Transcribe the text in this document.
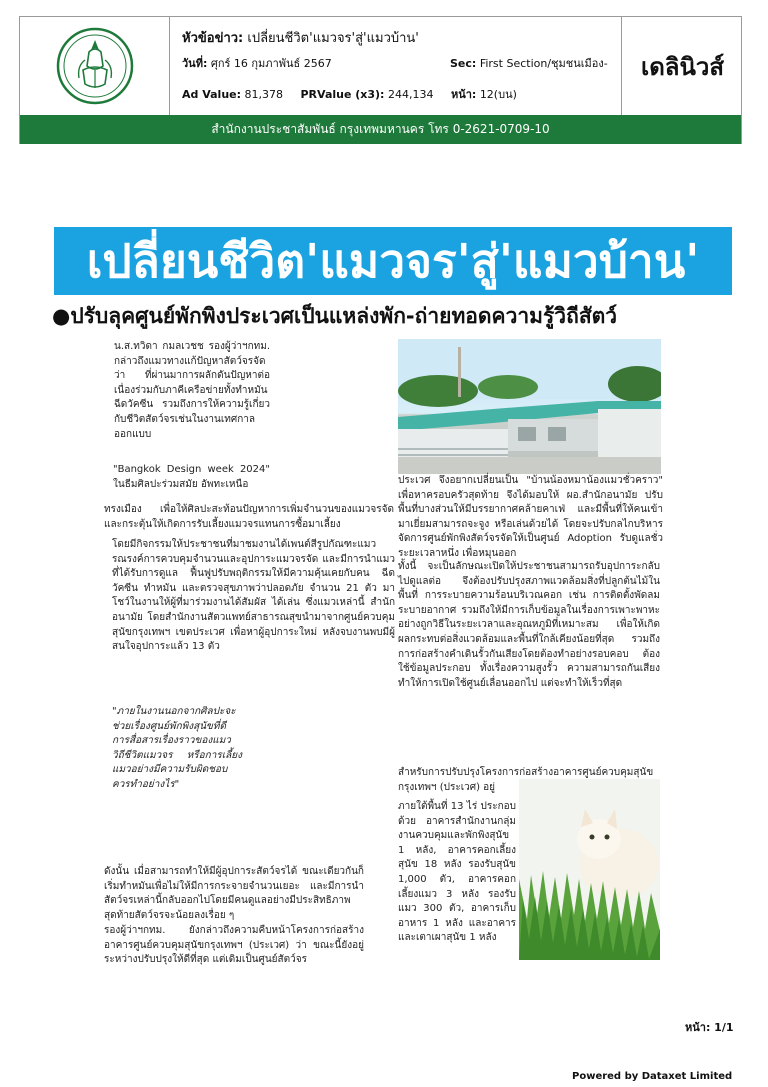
หัวข้อข่าว: เปลี่ยนชีวิต'แมวจร'สู่'แมวบ้าน'
วันที่: ศุกร์ 16 กุมภาพันธ์ 2567	Sec: First Section/ชุมชนเมือง-
Ad Value: 81,378 PRValue (x3): 244,134 หน้า: 12(บน)
เดลินิวส์
สำนักงานประชาสัมพันธ์ กรุงเทพมหานคร โทร 0-2621-0709-10
เปลี่ยนชีวิต'แมวจร'สู่'แมวบ้าน'
●ปรับลุคศูนย์พักพิงประเวศเป็นแหล่งพัก-ถ่ายทอดความรู้วิถีสัตว์
น.ส.ทวิดา กมลเวชช รองผู้ว่าฯกทม. กล่าวถึงแมวทางแก้ปัญหาสัตว์จรจัดว่า ที่ผ่านมาการผลักดันปัญหาต่อเนื่องร่วมกับภาคีเครือข่ายทั้งทำหมัน ฉีดวัคซีน รวมถึงการให้ความรู้เกี่ยวกับชีวิตสัตว์จรเช่นในงานเทศกาลออกแบบ
"Bangkok Design week 2024" ในธีมศิลปะร่วมสมัย อัพทะเหนือ
ทรงเมือง เพื่อให้ศิลปะสะท้อนปัญหาการเพิ่มจำนวนของแมวจรจัด และกระตุ้นให้เกิดการรับเลี้ยงแมวจรแทนการซื้อมาเลี้ยง
โดยมีกิจกรรมให้ประชาชนที่มาชมงานได้เพนต์สีรูปกัณฑะแมว รณรงค์การควบคุมจำนวนและอุปการะแมวจรจัด และมีการนำแมวที่ได้รับการดูแล ฟื้นฟูปรับพฤติกรรมให้มีความคุ้นเคยกับคน ฉีดวัคซีน ทำหมัน และตรวจสุขภาพว่าปลอดภัย จำนวน 21 ตัว มาโชว์ในงานให้ผู้ที่มาร่วมงานได้สัมผัส ได้เล่น ซึ่งแมวเหล่านี้ สำนักอนามัย โดยสำนักงานสัตวแพทย์สาธารณสุขนำมาจากศูนย์ควบคุมสุนัขกรุงเทพฯ เขตประเวศ เพื่อหาผู้อุปการะใหม่ หลังจบงานพบมีผู้สนใจอุปการะแล้ว 13 ตัว
"ภายในงานนอกจากศิลปะจะช่วยเรื่องศูนย์พักพิงสุนัขที่ดี การสื่อสารเรื่องราวของแมว วิถีชีวิตแมวจร หรือการเลี้ยงแมวอย่างมีความรับผิดชอบควรทำอย่างไร"
ดังนั้น เมื่อสามารถทำให้มีผู้อุปการะสัตว์จรได้ ขณะเดียวกันก็เริ่มทำหมันเพื่อไม่ให้มีการกระจายจำนวนเยอะ และมีการนำสัตว์จรเหล่านี้กลับออกไปโดยมีคนดูแลอย่างมีประสิทธิภาพ สุดท้ายสัตว์จรจะน้อยลงเรื่อย ๆ
รองผู้ว่าฯกทม. ยังกล่าวถึงความคืบหน้าโครงการก่อสร้างอาคารศูนย์ควบคุมสุนัขกรุงเทพฯ (ประเวศ) ว่า ขณะนี้ยังอยู่ระหว่างปรับปรุงให้ดีที่สุด แต่เดิมเป็นศูนย์สัตว์จร
ประเวศ จึงอยากเปลี่ยนเป็น "บ้านน้องหมาน้องแมวชั่วคราว" เพื่อหาครอบครัวสุดท้าย จึงได้มอบให้ ผอ.สำนักอนามัย ปรับพื้นที่บางส่วนให้มีบรรยากาศคล้ายคาเฟ่ และมีพื้นที่ให้คนเข้ามาเยี่ยมสามารถจะจูง หรือเล่นด้วยได้ โดยจะปรับกลไกบริหารจัดการศูนย์พักพิงสัตว์จรจัดให้เป็นศูนย์ Adoption รับดูแลชั่วระยะเวลาหนึ่ง เพื่อหมุนออก
ทั้งนี้ จะเป็นลักษณะเปิดให้ประชาชนสามารถรับอุปการะกลับไปดูแลต่อ จึงต้องปรับปรุงสภาพแวดล้อมสิ่งที่ปลูกต้นไม้ในพื้นที่ การระบายความร้อนบริเวณคอก เช่น การติดตั้งพัดลมระบายอากาศ รวมถึงให้มีการเก็บข้อมูลในเรื่องการเพาะพาหะอย่างถูกวิธีในระยะเวลาและอุณหภูมิที่เหมาะสม เพื่อให้เกิดผลกระทบต่อสิ่งแวดล้อมและพื้นที่ใกล้เคียงน้อยที่สุด รวมถึงการก่อสร้างคำเดินรั้วกันเสียงโดยต้องทำอย่างรอบคอบ ต้องใช้ข้อมูลประกอบ ทั้งเรื่องความสูงรั้ว ความสามารถกันเสียง ทำให้การเปิดใช้ศูนย์เลื่อนออกไป แต่จะทำให้เร็วที่สุด
สำหรับการปรับปรุงโครงการก่อสร้างอาคารศูนย์ควบคุมสุนัขกรุงเทพฯ (ประเวศ) อยู่
ภายใต้พื้นที่ 13 ไร่ ประกอบด้วย อาคารสำนักงานกลุ่มงานควบคุมและพักพิงสุนัข 1 หลัง, อาคารคอกเลี้ยงสุนัข 18 หลัง รองรับสุนัข 1,000 ตัว, อาคารคอกเลี้ยงแมว 3 หลัง รองรับแมว 300 ตัว, อาคารเก็บอาหาร 1 หลัง และอาคารและเตาเผาสุนัข 1 หลัง
หน้า: 1/1
Powered by Dataxet Limited
